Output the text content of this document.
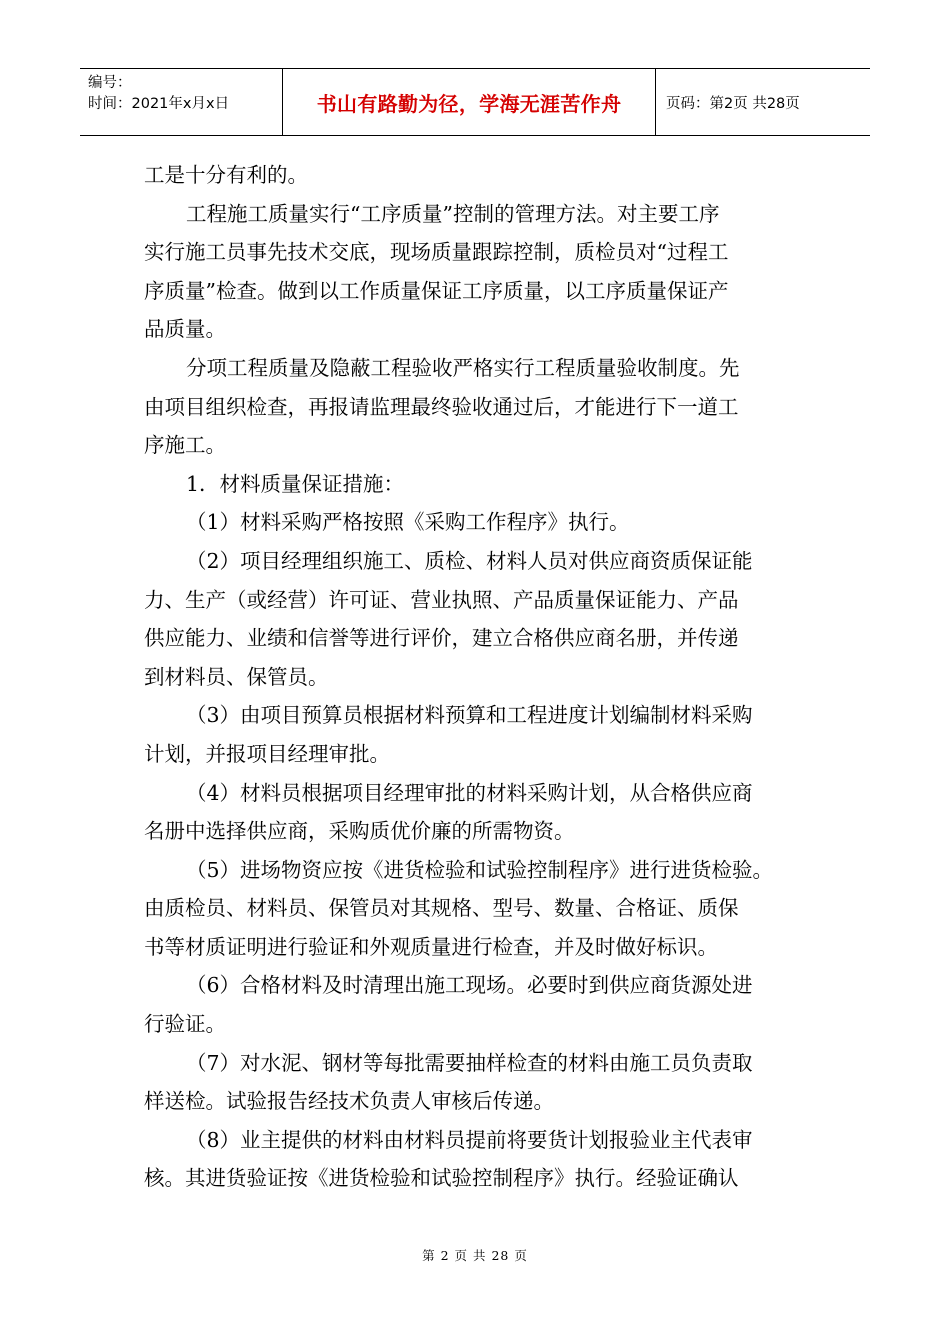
编号：
时间：2021年x月x日	书山有路勤为径，学海无涯苦作舟	页码：第2页 共28页
工是十分有利的。
工程施工质量实行“工序质量”控制的管理方法。对主要工序
实行施工员事先技术交底，现场质量跟踪控制，质检员对“过程工
序质量”检查。做到以工作质量保证工序质量，以工序质量保证产
品质量。
分项工程质量及隐蔽工程验收严格实行工程质量验收制度。先
由项目组织检查，再报请监理最终验收通过后，才能进行下一道工
序施工。
1．材料质量保证措施：
（1）材料采购严格按照《采购工作程序》执行。
（2）项目经理组织施工、质检、材料人员对供应商资质保证能
力、生产（或经营）许可证、营业执照、产品质量保证能力、产品
供应能力、业绩和信誉等进行评价，建立合格供应商名册，并传递
到材料员、保管员。
（3）由项目预算员根据材料预算和工程进度计划编制材料采购
计划，并报项目经理审批。
（4）材料员根据项目经理审批的材料采购计划，从合格供应商
名册中选择供应商，采购质优价廉的所需物资。
（5）进场物资应按《进货检验和试验控制程序》进行进货检验。
由质检员、材料员、保管员对其规格、型号、数量、合格证、质保
书等材质证明进行验证和外观质量进行检查，并及时做好标识。
（6）合格材料及时清理出施工现场。必要时到供应商货源处进
行验证。
（7）对水泥、钢材等每批需要抽样检查的材料由施工员负责取
样送检。试验报告经技术负责人审核后传递。
（8）业主提供的材料由材料员提前将要货计划报验业主代表审
核。其进货验证按《进货检验和试验控制程序》执行。经验证确认
第 2 页 共 28 页
